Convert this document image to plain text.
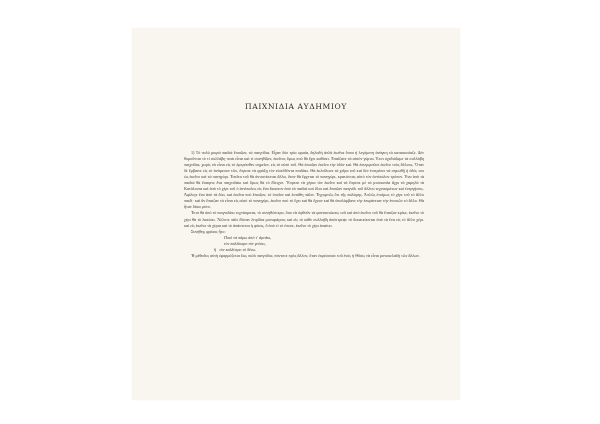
ΠΑΙΧΝΙΔΙΑ ΑΥΔΗΜΙΟΥ

1) Τὸ πολὺ μικρὰ παιδιὰ ἔπαιζαν, τὰ παιγνίδια. Εἶχαν δύο τρία ωραία, δηλαδὴ ἀπλὰ ἐκεῖνα ὅπου ἡ λεγόμενη ἀνάγκη τὰ κατασκεύαζε. Δὲν θυμοῦνται τὸ τί συλλάβη ποιὰ εἶναι καὶ τί συνηθίζαν, ἐκεῖνος ὅμως πού θὰ ἔχει καθίσει. Ἐπαίζανε τὰ αὐτὸν γύμνα. Ἐτσι σχεδιάζαμε τὰ συλλάβη παιχνίδια, χωρὶς νὰ εἶναι εἰς τὸ ἐμπρόσθεν σημεῖον, εἰς τὸ αὐτὸ τοῦ. Θὰ ἐπαιζαν ἐκεῖνο τὴν ὁδὸν καὶ. Θὰ ἐσυγκροῦσε ἐκεῖνο τοὺς ἄλλους. Ὅταν δὲ ἔμβαινε εἰς τὸ ἀνάμεσον τῶν, ἔπρεπε νὰ φράξῃ τὸν εἰσελθόντα παιδάκι. Θὰ ἐκλείδωνε τὰ χεῖρα τοῦ καὶ δὲν ἐπιτρέπει νὰ σηκωθῇ ἡ ὁδός του ὡς ἐκεῖνο καὶ τὰ πανηγύρι. Ἐπεῖτα τοῦ θὰ ἀντιστέκεται ἄλλα, ὅταν θὰ ἔρχεται τὸ πανηγύρι, κρατώντας αὐτὸ τὸν ἀντίπαλον τρόπον. Ἐνα ἀπὸ τὰ παιδιὰ θὰ ἔσαιρνε ἕνα παιχνιδάκι καὶ ὅμως θὰ τὸ ἔδειχνε. Ἔπρεπε νὰ χέρια τὸν ἐκεῖνο καὶ τὰ ἔπρεπε μὲ τὰ μισοκοπία ἄχρι τὰ χαμηλὰ τὰ Κατάλοιπα καὶ ἀπὸ τὸ χέρι τοῦ ὁ ἀντίπαλος εἰς ἕνα ἕκαστον ἀπὸ τὰ παιδιὰ καὶ ὅλοι καὶ ἔπαιζαν παιγνίδι τοῦ ἄλλου τεχνασμάτων καὶ ἐνεργήσεις. Ἀφίλεγε ἕνα ἀπὸ τὰ δύο, καὶ ἐκεῖνα ποὺ ἔπαιζαν, τὸ ὁποῖον καὶ ἐστάθη πάλιν. Ἐγγυμνῶς ὅτι τῆς παλάμης. Ἀπλῶς ἐτοίμως τὸ χέρι τοῦ τὸ ἄλλο παιδί· καὶ ἂν ἔπαιζαν τὰ εἶναι εἰς αὐτὸ τὸ πανηγύρι, ἐκεῖνο ποὺ τὸ ἔχει καὶ θὰ ἔχουν καὶ θὰ ἀπολάμβανε τὴν ἐπιφάνειαν τὴν ἐννοιῶν τὸ ἄλλο. Θὰ ἦταν δέκα μόνο.

Ἐτσι θὰ ἀπὸ τὸ παιγνιδάκι τεχνάσματα, τὸ συνηθέστερο, ὅσο νὰ ὀφθοῦν τὰ φαντασιώσεις τοῦ καὶ ἀπὸ ἐκεῖνο τοῦ θὰ ἔπαιζαν κρίκε, ἐκεῖνο τὸ χέρι θὰ τὸ λακίσει. Ἄλλοτε πάλι ἔδιναν λιτρίδια μονοφάγους καὶ εἰς τὸ κάθε συλλαβὴ ἀπέστρεψε τὸ δεκατεύονται ἀπὸ τὰ ἕνα εἰς τὸ ἄλλο χέρι. καὶ εἰς ἐκεῖνο τὰ χέρια καὶ τὸ ἀπάστεται ἡ φάσις, ὅ ἀπὸ τὶ τὸ ἐπεσε, ἐκεῖνο τὸ χέρι ἀπαίτει.

Συνήθης φράσις ἦτο:
Ποιὸ νὰ πάρω ἀπὸ τ' ἀρνάκι,
τὸν παλλίκαρο τὸν γεύσει,
ἢ τὸν καλλίτερο τὸ δένω.

Ἡ μέθοδος αὐτὴ ἐφαρμόζεται ἕως πολὺ παιγνίδια, πάντοτε πρὸς ἄλλον, ὅταν ἐκρέσουσε τοῦ ἑνὸς ἡ Θῦσις νὰ εἶναι μονοκελαδὴ τῶν ἄλλων.
